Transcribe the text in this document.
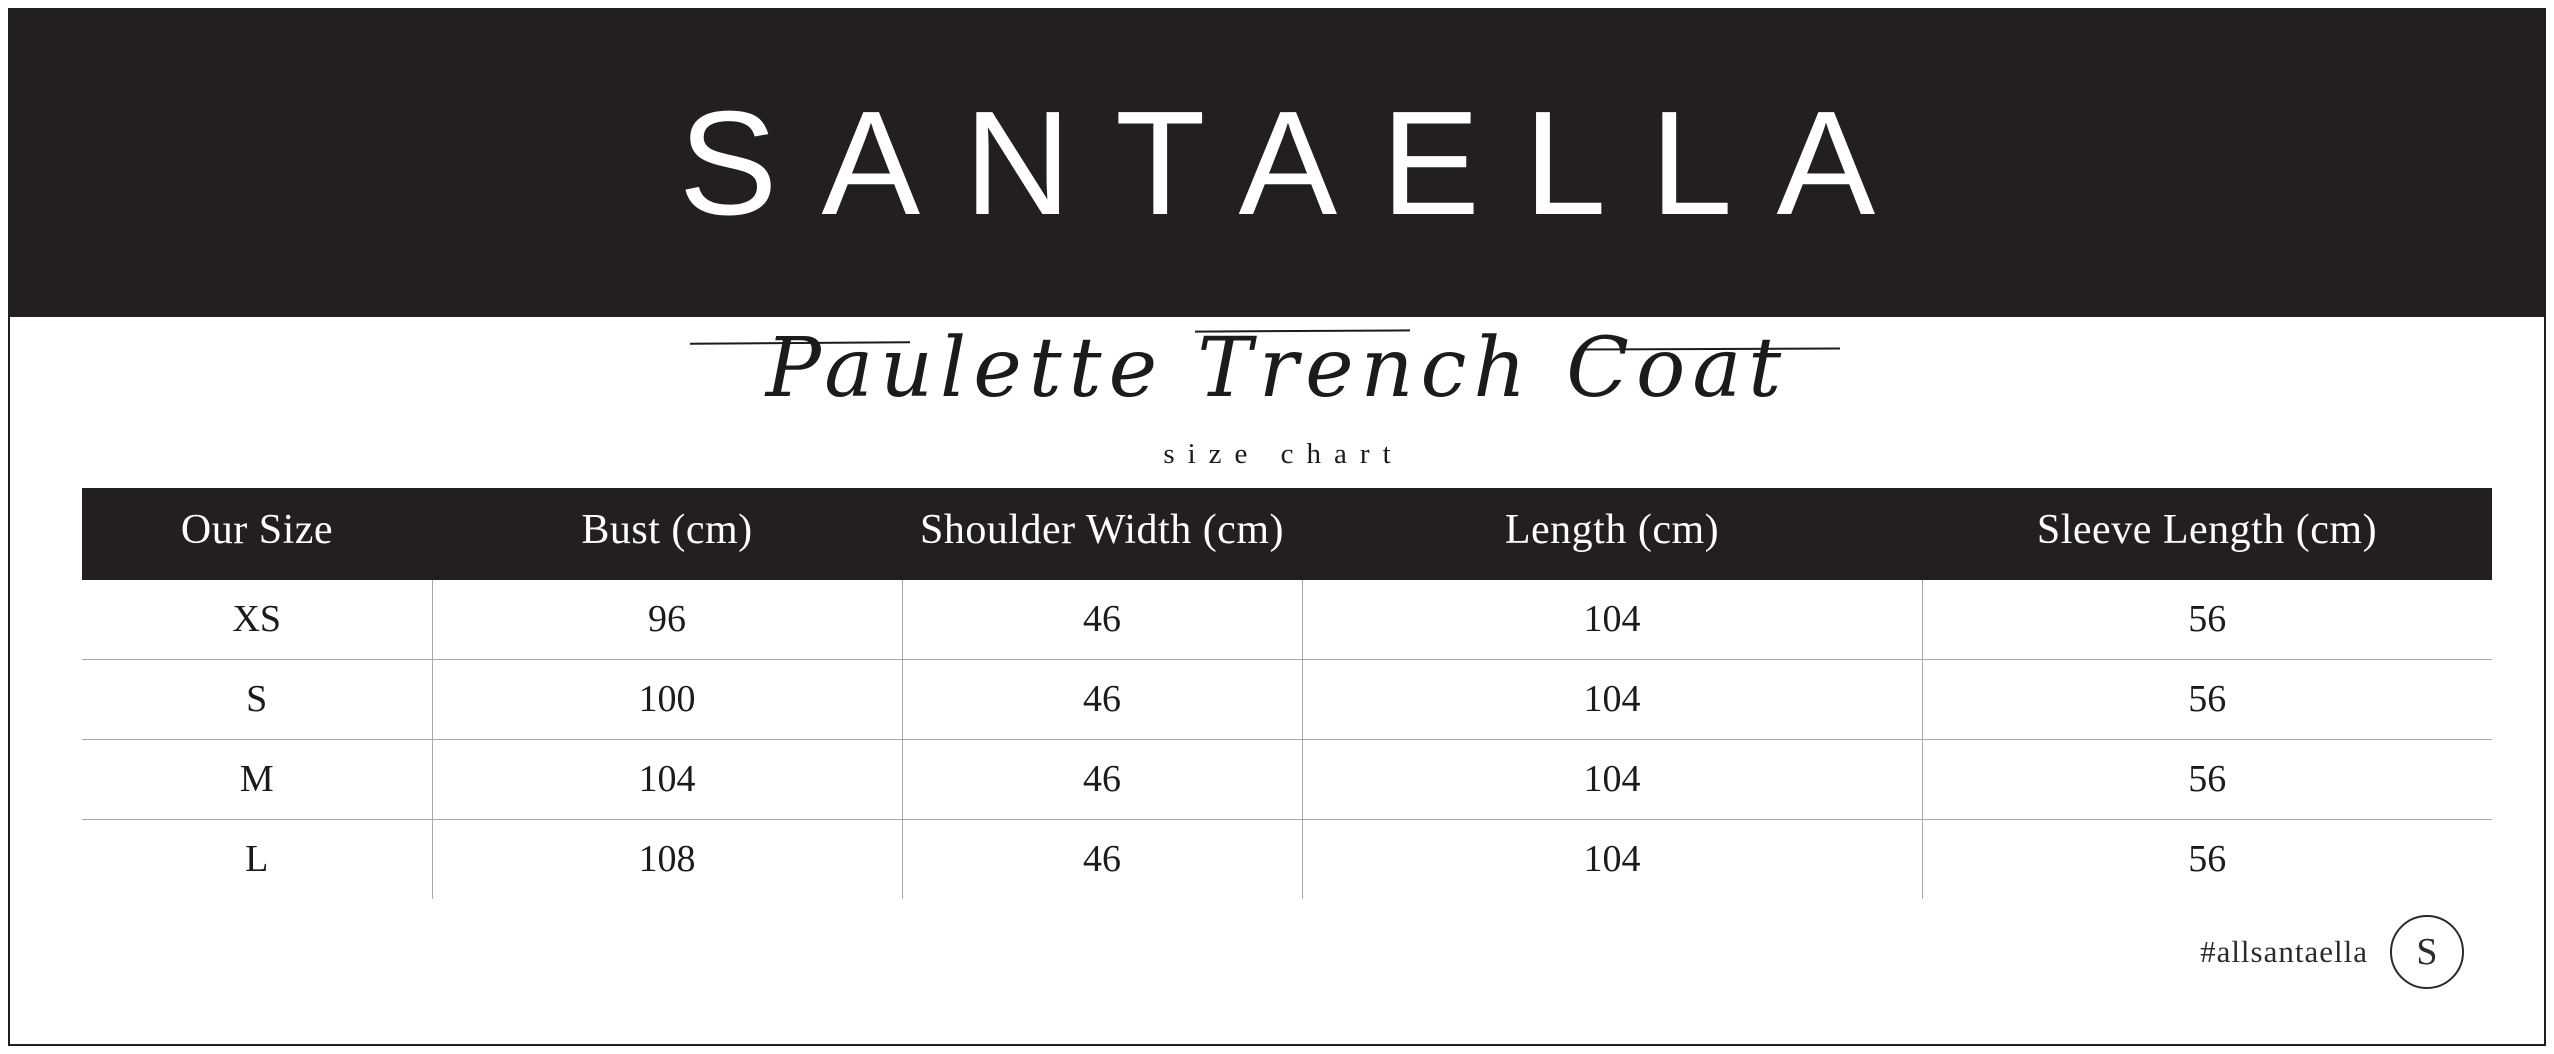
SANTAELLA
Paulette Trench Coat
size chart
Our Size	Bust (cm)	Shoulder Width (cm)	Length (cm)	Sleeve Length (cm)
XS	96	46	104	56
S	100	46	104	56
M	104	46	104	56
L	108	46	104	56
#allsantaella	S
